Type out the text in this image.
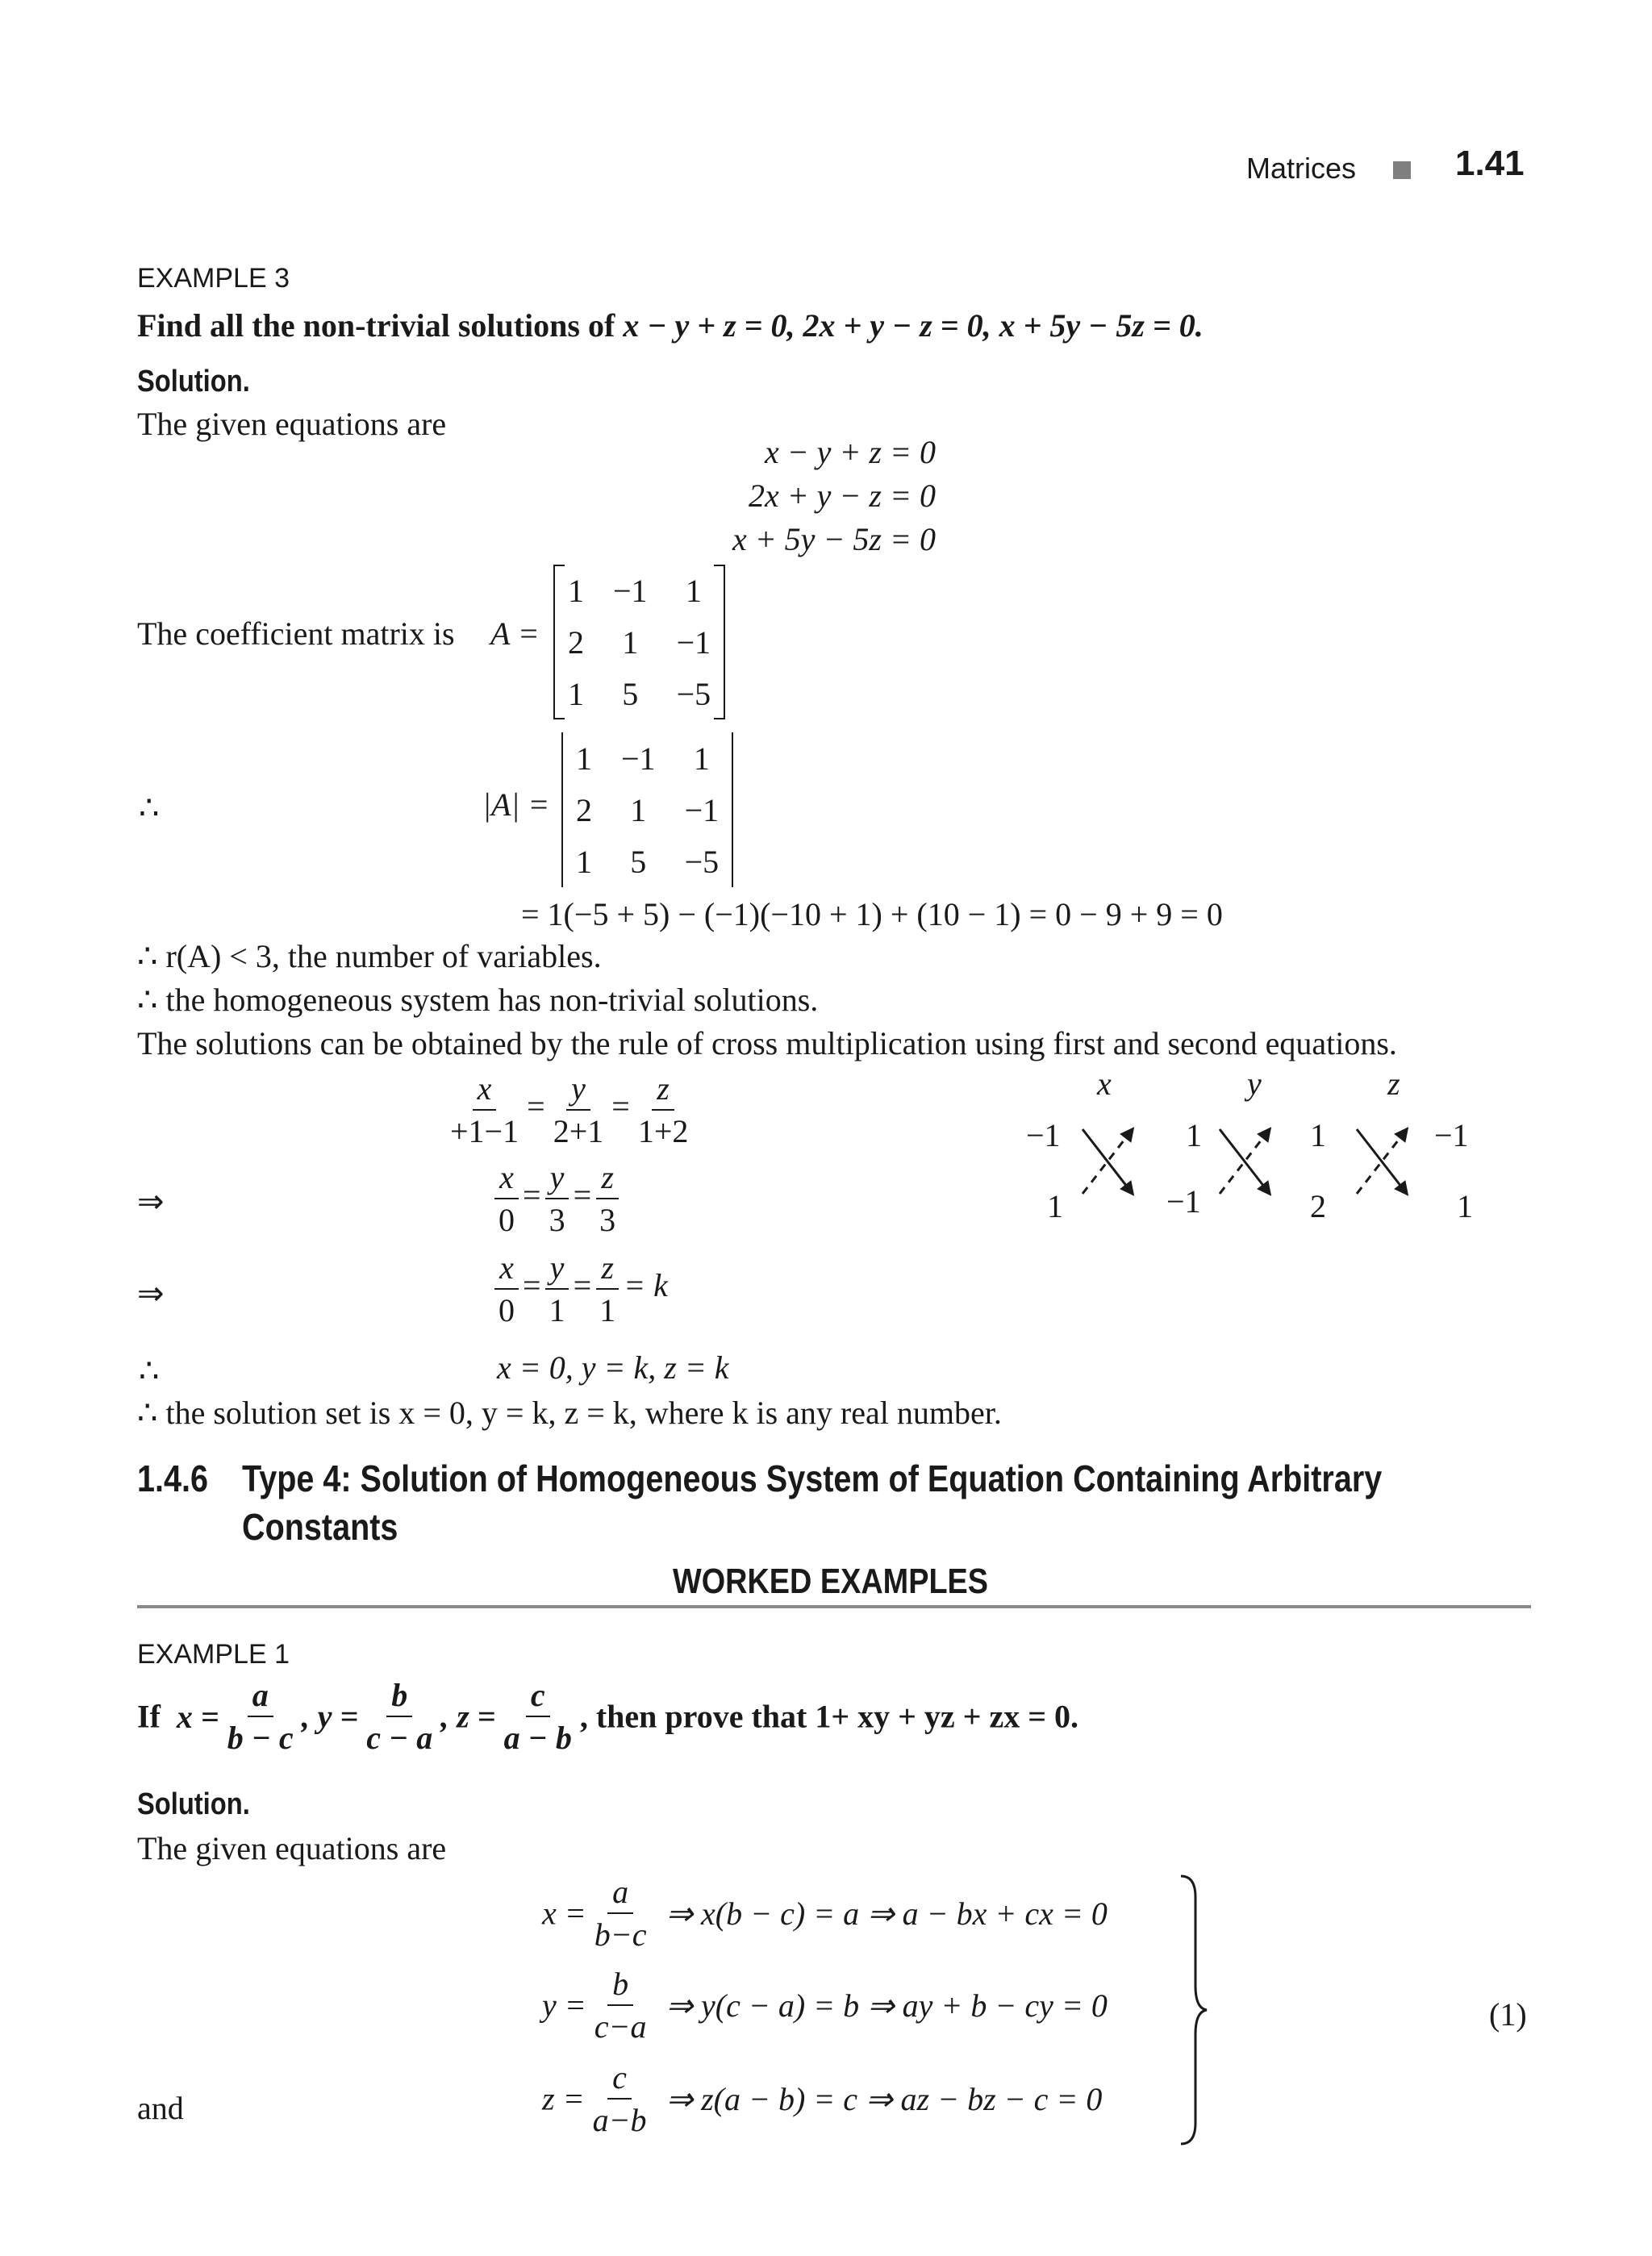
Matrices	1.41
EXAMPLE 3
Find all the non-trivial solutions of x − y + z = 0, 2x + y − z = 0, x + 5y − 5z = 0.
Solution.
The given equations are
x − y + z = 0
2x + y − z = 0
x + 5y − 5z = 0
The coefficient matrix is A =
1	−1	1
2	1	−1
1	5	−5
∴	|A| =
1	−1	1
2	1	−1
1	5	−5
= 1(−5 + 5) − (−1)(−10 + 1) + (10 − 1) = 0 − 9 + 9 = 0
∴ r(A) < 3, the number of variables.
∴ the homogeneous system has non-trivial solutions.
The solutions can be obtained by the rule of cross multiplication using first and second equations.
$\frac{x}{+1-1} = \frac{y}{2+1} = \frac{z}{1+2}$
⇒	$\frac{x}{0} = \frac{y}{3} = \frac{z}{3}$
⇒	$\frac{x}{0} = \frac{y}{1} = \frac{z}{1} = k$
∴	x = 0, y = k, z = k
∴ the solution set is x = 0, y = k, z = k, where k is any real number.
x	y	z
−1	1	1	−1
1	−1	2	1
1.4.6 Type 4: Solution of Homogeneous System of Equation Containing Arbitrary
Constants
WORKED EXAMPLES
EXAMPLE 1
If $x = \frac{a}{b - c}$ , $y = \frac{b}{c - a}$ , $z = \frac{c}{a - b}$ , then prove that 1+ xy + yz + zx = 0.
Solution.
The given equations are
$x = \frac{a}{b-c}$ ⇒ x(b − c) = a ⇒ a − bx + cx = 0
$y = \frac{b}{c-a}$ ⇒ y(c − a) = b ⇒ ay + b − cy = 0
and	$z = \frac{c}{a-b}$ ⇒ z(a − b) = c ⇒ az − bz − c = 0
(1)
